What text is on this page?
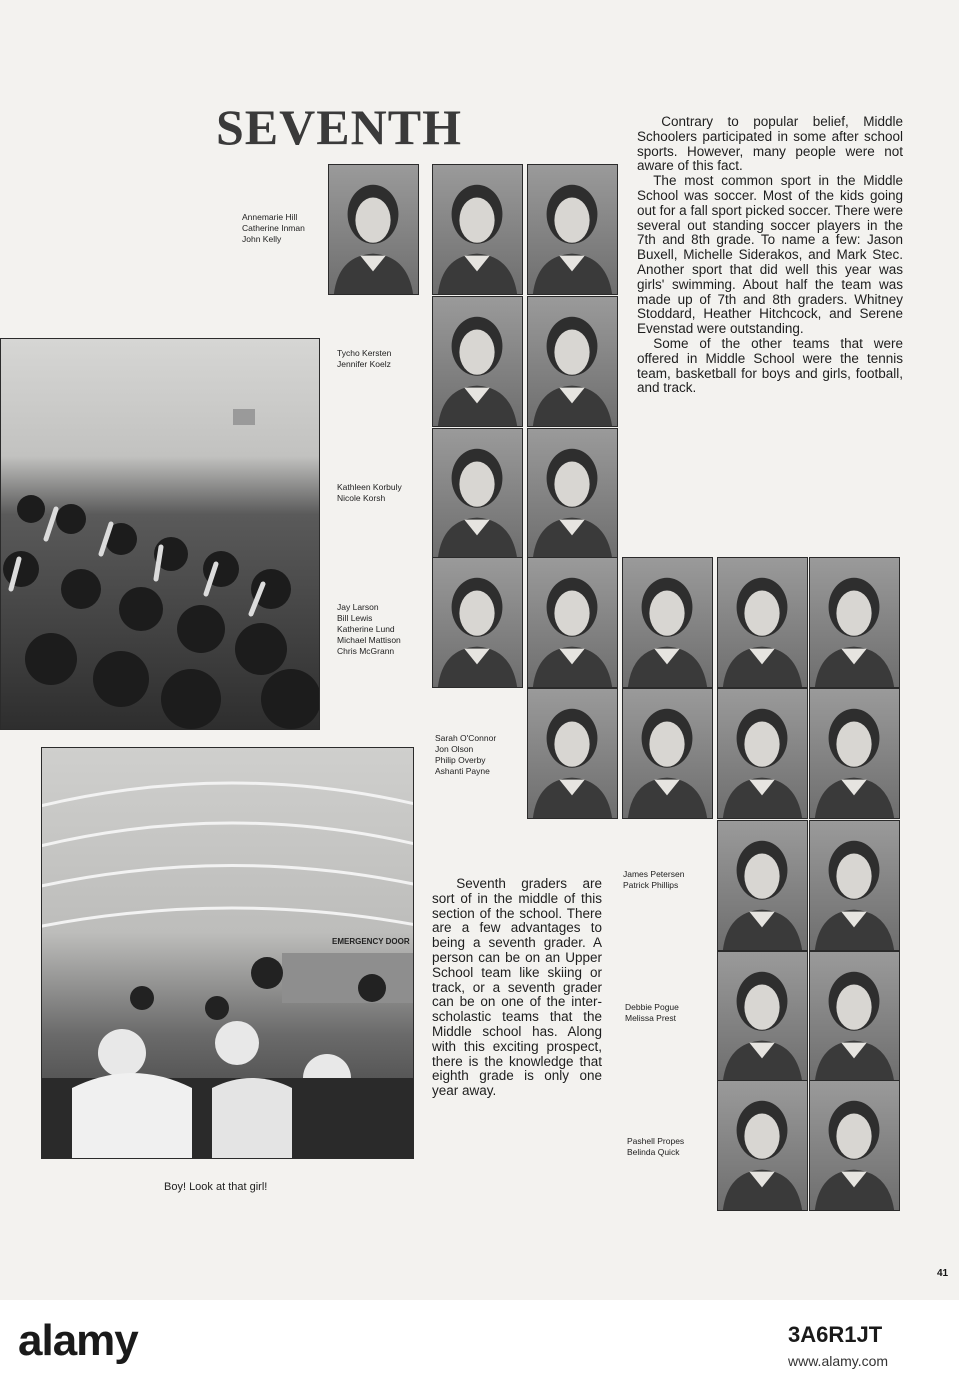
SEVENTH
Annemarie Hill
Catherine Inman
John Kelly
Tycho Kersten
Jennifer Koelz
Kathleen Korbuly
Nicole Korsh
Jay Larson
Bill Lewis
Katherine Lund
Michael Mattison
Chris McGrann
Sarah O'Connor
Jon Olson
Philip Overby
Ashanti Payne
James Petersen
Patrick Phillips
Debbie Pogue
Melissa Prest
Pashell Propes
Belinda Quick
EMERGENCY DOOR
Boy! Look at that girl!

Contrary to popular belief, Middle Schoolers participated in some after school sports. However, many people were not aware of this fact.

The most common sport in the Middle School was soccer. Most of the kids going out for a fall sport picked soccer. There were several out standing soccer players in the 7th and 8th grade. To name a few: Jason Buxell, Michelle Siderakos, and Mark Stec. Another sport that did well this year was girls' swimming. About half the team was made up of 7th and 8th graders. Whitney Stoddard, Heather Hitchcock, and Serene Evenstad were outstanding.

Some of the other teams that were offered in Middle School were the tennis team, basketball for boys and girls, football, and track.

Seventh graders are sort of in the middle of this section of the school. There are a few advantages to being a seventh grader. A person can be on an Upper School team like skiing or track, or a seventh grader can be on one of the inter-scholastic teams that the Middle school has. Along with this exciting prospect, there is the knowledge that eighth grade is only one year away.

41
alamy	3A6R1JT
www.alamy.com
